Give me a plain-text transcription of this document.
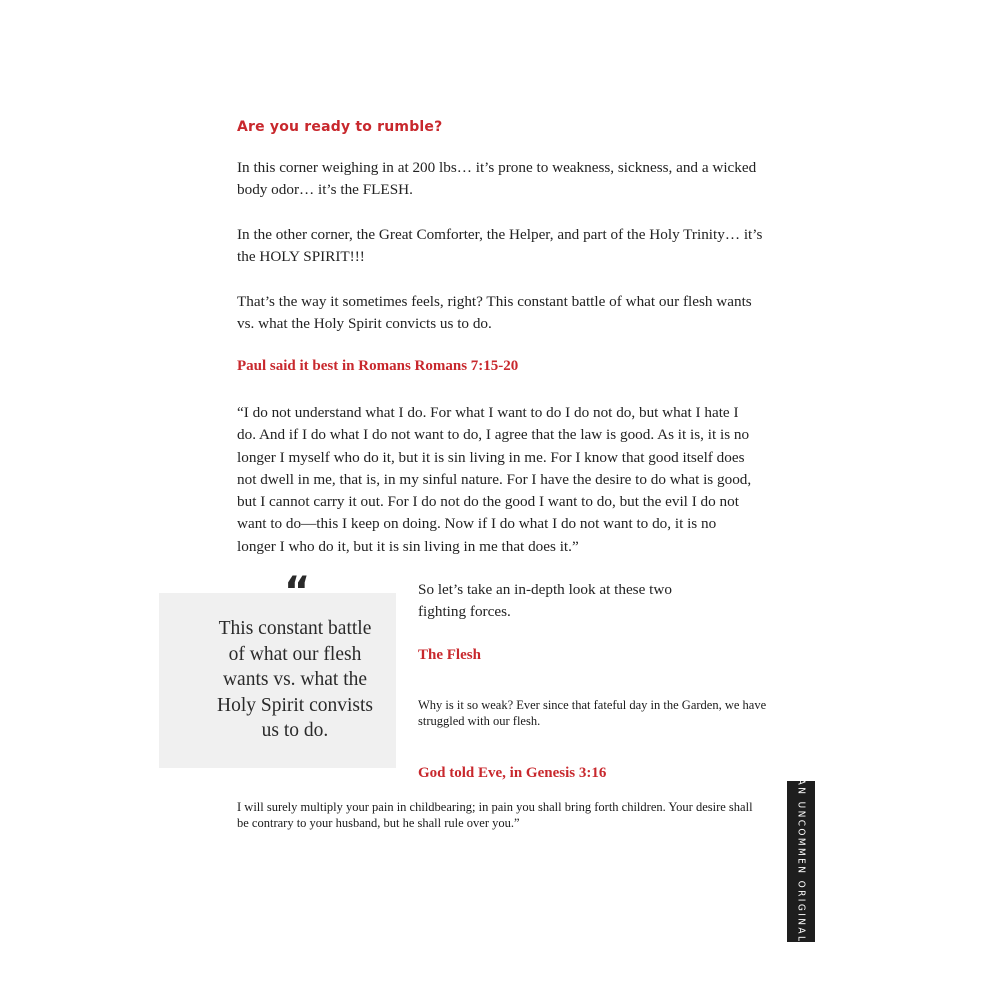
Are you ready to rumble?

In this corner weighing in at 200 lbs… it’s prone to weakness, sickness, and a wicked body odor… it’s the FLESH.

In the other corner, the Great Comforter, the Helper, and part of the Holy Trinity… it’s the HOLY SPIRIT!!!

That’s the way it sometimes feels, right? This constant battle of what our flesh wants vs. what the Holy Spirit convicts us to do.

Paul said it best in Romans Romans 7:15-20

“I do not understand what I do. For what I want to do I do not do, but what I hate I do. And if I do what I do not want to do, I agree that the law is good. As it is, it is no longer I myself who do it, but it is sin living in me. For I know that good itself does not dwell in me, that is, in my sinful nature. For I have the desire to do what is good, but I cannot carry it out. For I do not do the good I want to do, but the evil I do not want to do—this I keep on doing. Now if I do what I do not want to do, it is no longer I who do it, but it is sin living in me that does it.”

“

This constant battle of what our flesh wants vs. what the Holy Spirit convists us to do.

So let’s take an in-depth look at these two fighting forces.

The Flesh

Why is it so weak? Ever since that fateful day in the Garden, we have struggled with our flesh.

God told Eve, in Genesis 3:16

I will surely multiply your pain in childbearing; in pain you shall bring forth children. Your desire shall be contrary to your husband, but he shall rule over you.”	AN UNCOMMEN ORIGINAL
